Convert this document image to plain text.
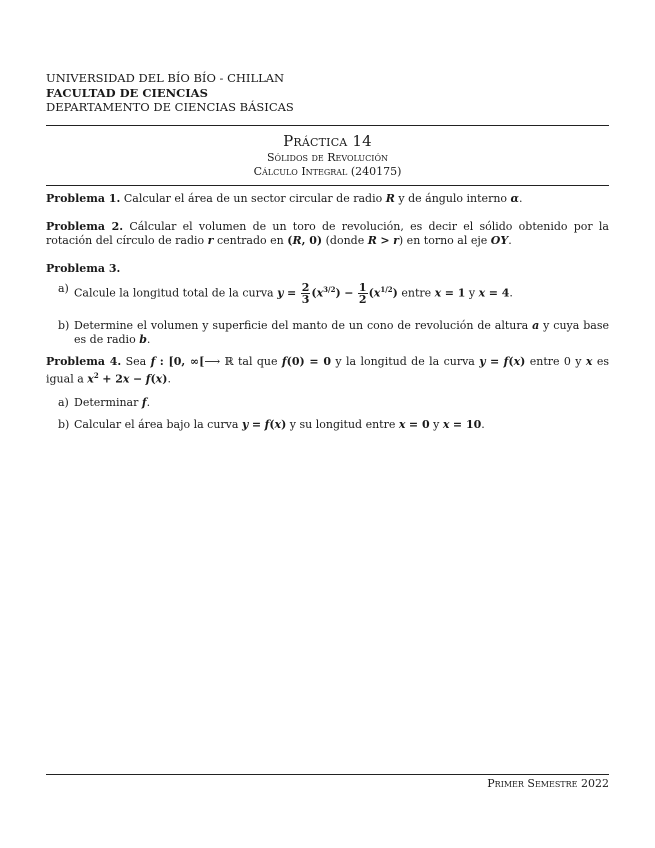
UNIVERSIDAD DEL BÍO BÍO - CHILLAN
FACULTAD DE CIENCIAS
DEPARTAMENTO DE CIENCIAS BÁSICAS
Práctica 14
Sólidos de Revolución
Cálculo Integral (240175)

Problema 1. Calcular el área de un sector circular de radio R y de ángulo interno α.

Problema 2. Cálcular el volumen de un toro de revolución, es decir el sólido obtenido por la rotación del círculo de radio r centrado en (R, 0) (donde R > r) en torno al eje OY.

Problema 3.

a) Calcule la longitud total de la curva $y = \frac{2}{3} (x^{3/2}) - \frac{1}{2} (x^{1/2})$ entre x = 1 y x = 4.
b) Determine el volumen y superficie del manto de un cono de revolución de altura a y cuya base es de radio b.

Problema 4. Sea f : [0, ∞[⟶ ℝ tal que f(0) = 0 y la longitud de la curva y = f(x) entre 0 y x es igual a $x^2 + 2x - f(x)$.

a) Determinar f.
b) Calcular el área bajo la curva y = f(x) y su longitud entre x = 0 y x = 10.
Primer Semestre 2022
